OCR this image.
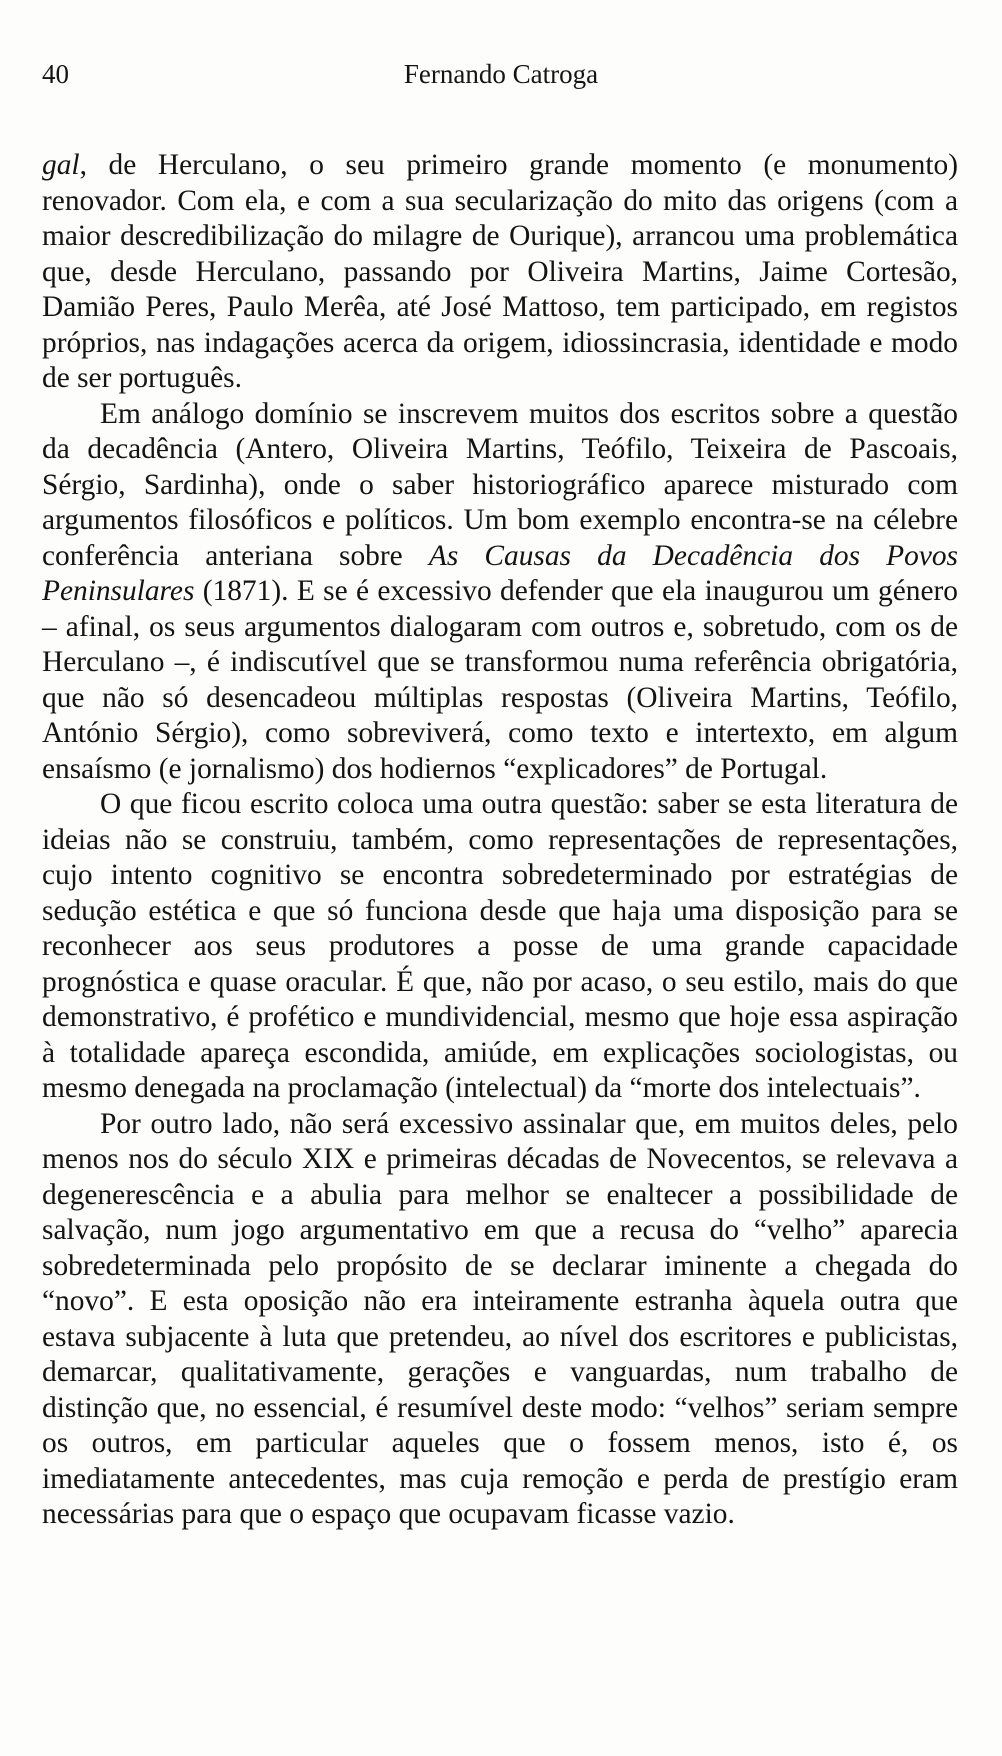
40	Fernando Catroga

gal, de Herculano, o seu primeiro grande momento (e monumento) renovador. Com ela, e com a sua secularização do mito das origens (com a maior descredibilização do milagre de Ourique), arrancou uma problemática que, desde Herculano, passando por Oliveira Martins, Jaime Cortesão, Damião Peres, Paulo Merêa, até José Mattoso, tem participado, em registos próprios, nas indagações acerca da origem, idiossincrasia, identidade e modo de ser português.

Em análogo domínio se inscrevem muitos dos escritos sobre a questão da decadência (Antero, Oliveira Martins, Teófilo, Teixeira de Pascoais, Sérgio, Sardinha), onde o saber historiográfico aparece misturado com argumentos filosóficos e políticos. Um bom exemplo encontra-se na célebre conferência anteriana sobre As Causas da Decadência dos Povos Peninsulares (1871). E se é excessivo defender que ela inaugurou um género – afinal, os seus argumentos dialogaram com outros e, sobretudo, com os de Herculano –, é indiscutível que se transformou numa referência obrigatória, que não só desencadeou múltiplas respostas (Oliveira Martins, Teófilo, António Sérgio), como sobreviverá, como texto e intertexto, em algum ensaísmo (e jornalismo) dos hodiernos “explicadores” de Portugal.

O que ficou escrito coloca uma outra questão: saber se esta literatura de ideias não se construiu, também, como representações de representações, cujo intento cognitivo se encontra sobredeterminado por estratégias de sedução estética e que só funciona desde que haja uma disposição para se reconhecer aos seus produtores a posse de uma grande capacidade prognóstica e quase oracular. É que, não por acaso, o seu estilo, mais do que demonstrativo, é profético e mundividencial, mesmo que hoje essa aspiração à totalidade apareça escondida, amiúde, em explicações sociologistas, ou mesmo denegada na proclamação (intelectual) da “morte dos intelectuais”.

Por outro lado, não será excessivo assinalar que, em muitos deles, pelo menos nos do século XIX e primeiras décadas de Novecentos, se relevava a degenerescência e a abulia para melhor se enaltecer a possibilidade de salvação, num jogo argumentativo em que a recusa do “velho” aparecia sobredeterminada pelo propósito de se declarar iminente a chegada do “novo”. E esta oposição não era inteiramente estranha àquela outra que estava subjacente à luta que pretendeu, ao nível dos escritores e publicistas, demarcar, qualitativamente, gerações e vanguardas, num trabalho de distinção que, no essencial, é resumível deste modo: “velhos” seriam sempre os outros, em particular aqueles que o fossem menos, isto é, os imediatamente antecedentes, mas cuja remoção e perda de prestígio eram necessárias para que o espaço que ocupavam ficasse vazio.
